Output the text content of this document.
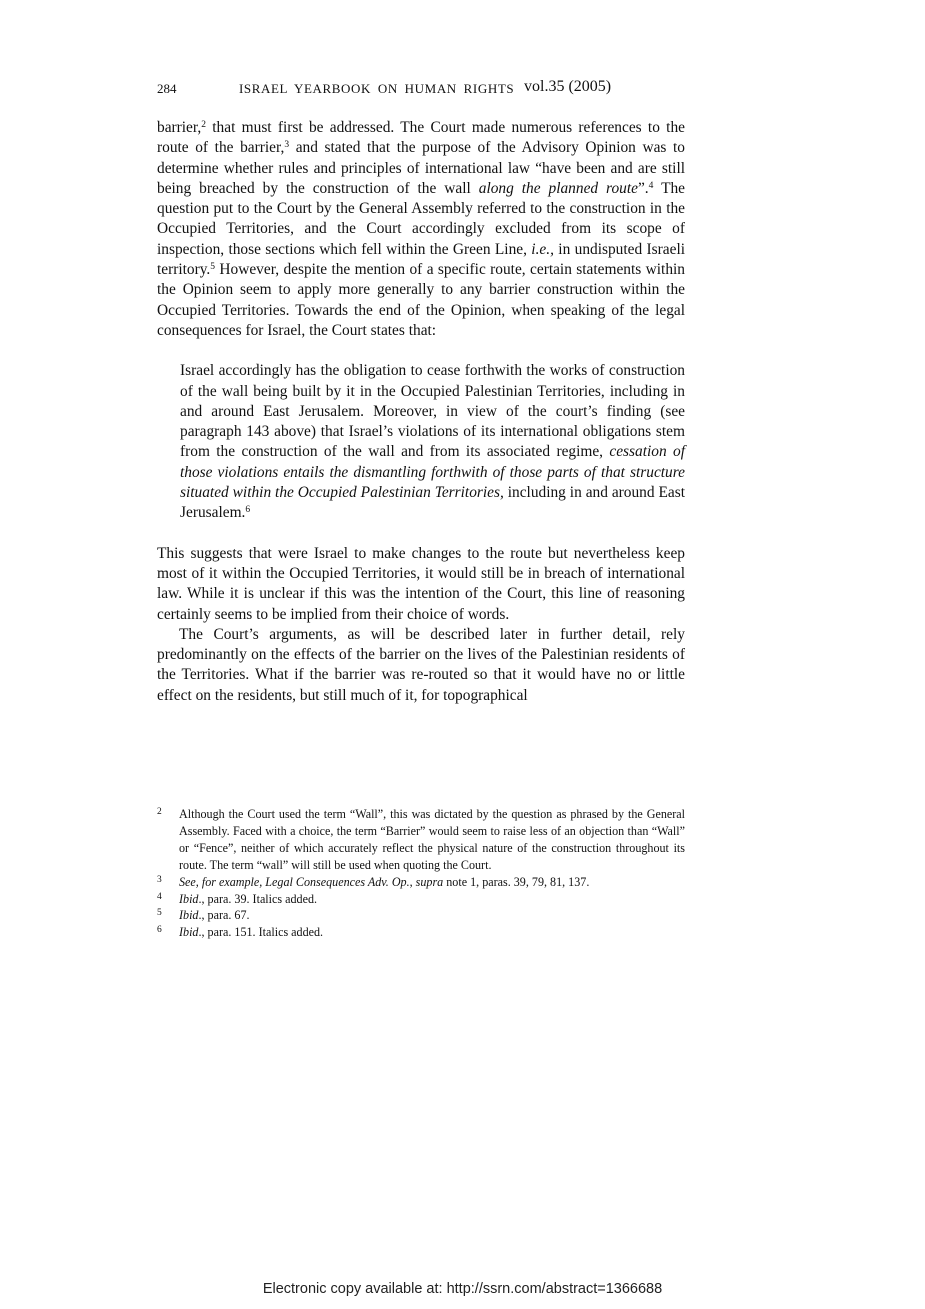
284	ISRAEL YEARBOOK ON HUMAN RIGHTS vol.35 (2005)

barrier,$^2$ that must first be addressed. The Court made numerous references to the route of the barrier,$^3$ and stated that the purpose of the Advisory Opinion was to determine whether rules and principles of international law “have been and are still being breached by the construction of the wall along the planned route”.$^4$ The question put to the Court by the General Assembly referred to the construction in the Occupied Territories, and the Court accordingly excluded from its scope of inspection, those sections which fell within the Green Line, i.e., in undisputed Israeli territory.$^5$ However, despite the mention of a specific route, certain statements within the Opinion seem to apply more generally to any barrier construction within the Occupied Territories. Towards the end of the Opinion, when speaking of the legal consequences for Israel, the Court states that:

Israel accordingly has the obligation to cease forthwith the works of construction of the wall being built by it in the Occupied Palestinian Territories, including in and around East Jerusalem. Moreover, in view of the court’s finding (see paragraph 143 above) that Israel’s violations of its international obligations stem from the construction of the wall and from its associated regime, cessation of those violations entails the dismantling forthwith of those parts of that structure situated within the Occupied Palestinian Territories, including in and around East Jerusalem.$^6$

This suggests that were Israel to make changes to the route but nevertheless keep most of it within the Occupied Territories, it would still be in breach of international law. While it is unclear if this was the intention of the Court, this line of reasoning certainly seems to be implied from their choice of words.

The Court’s arguments, as will be described later in further detail, rely predominantly on the effects of the barrier on the lives of the Palestinian residents of the Territories. What if the barrier was re-routed so that it would have no or little effect on the residents, but still much of it, for topographical

2	Although the Court used the term “Wall”, this was dictated by the question as phrased by the General Assembly. Faced with a choice, the term “Barrier” would seem to raise less of an objection than “Wall” or “Fence”, neither of which accurately reflect the physical nature of the construction throughout its route. The term “wall” will still be used when quoting the Court.
3	See, for example, Legal Consequences Adv. Op., supra note 1, paras. 39, 79, 81, 137.
4	Ibid., para. 39. Italics added.
5	Ibid., para. 67.
6	Ibid., para. 151. Italics added.
Electronic copy available at: http://ssrn.com/abstract=1366688
